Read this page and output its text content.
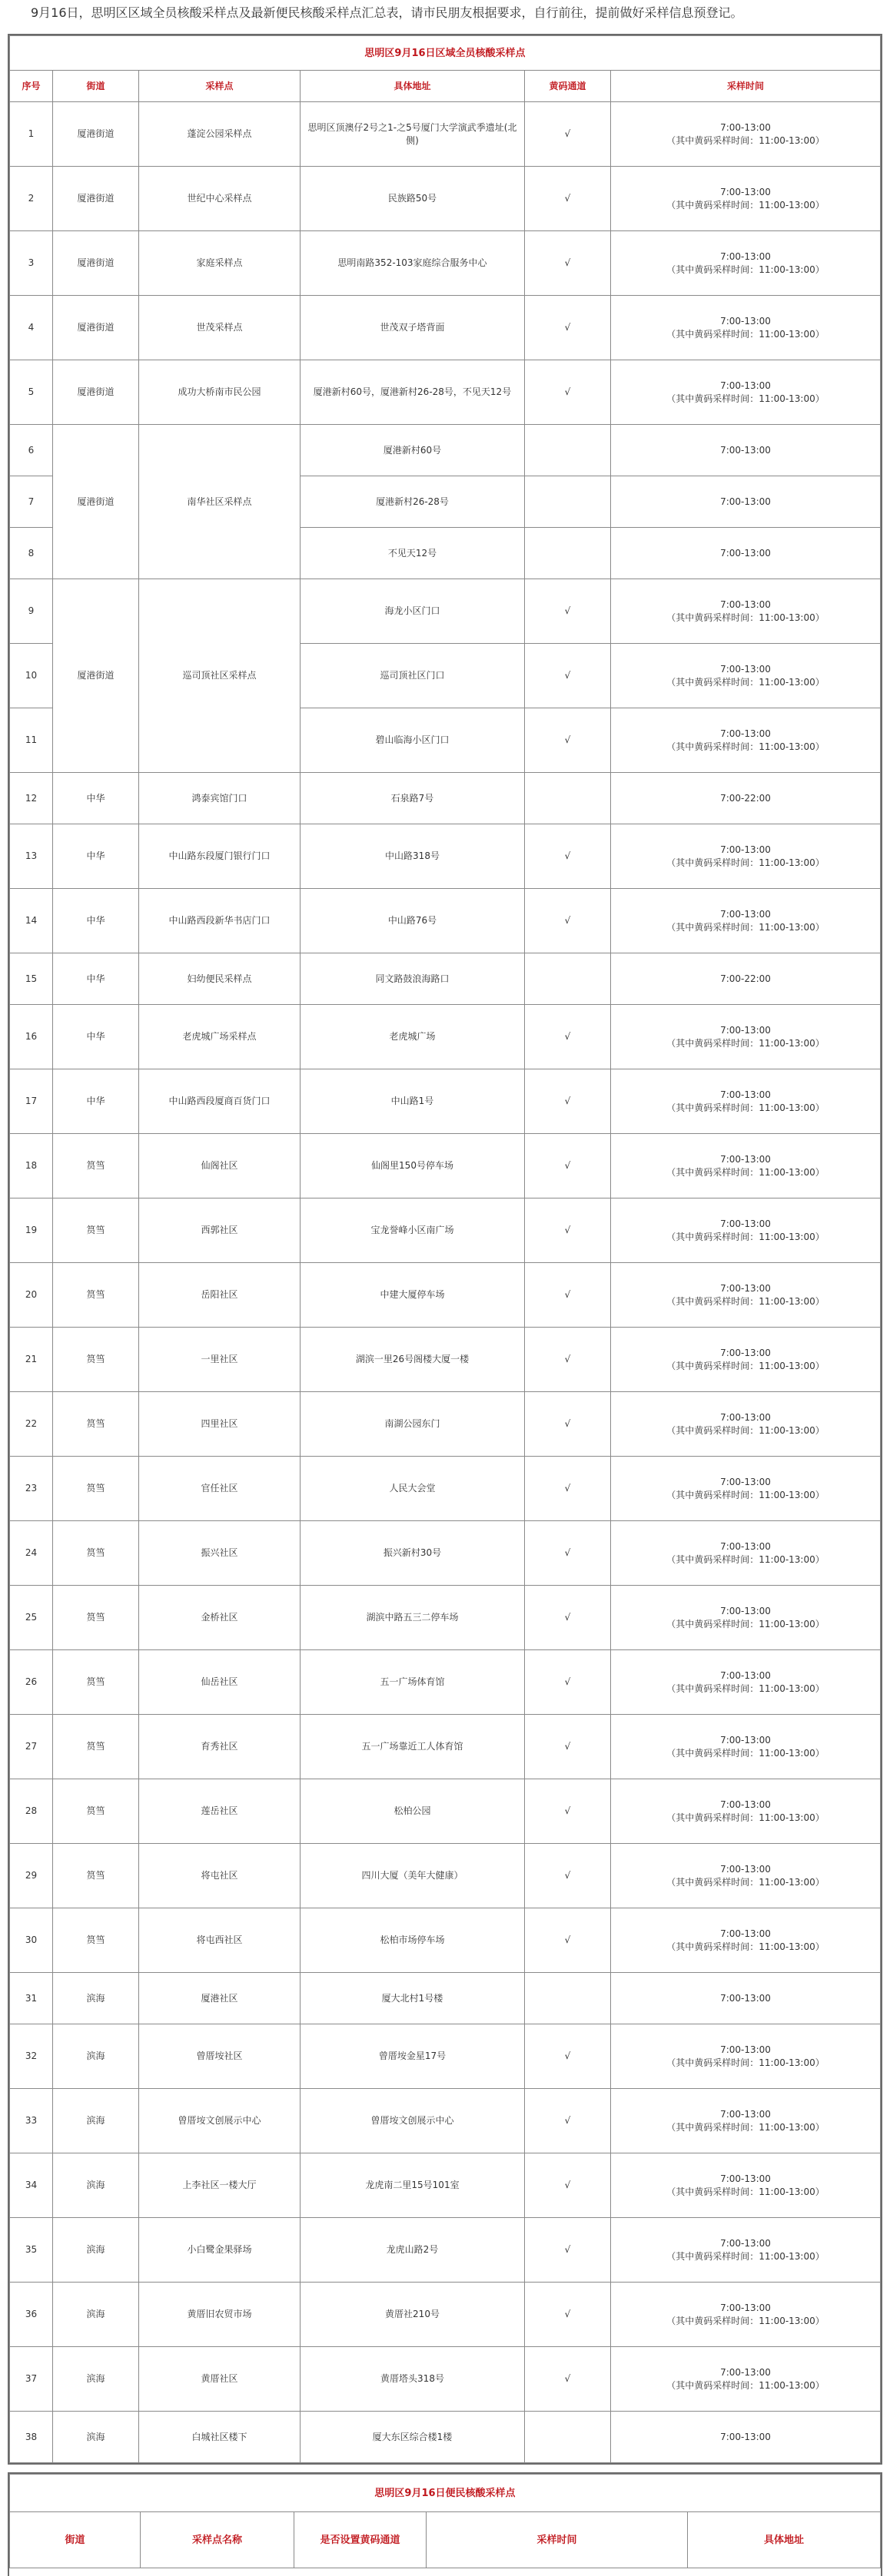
9月16日，思明区区域全员核酸采样点及最新便民核酸采样点汇总表，请市民朋友根据要求，自行前往，提前做好采样信息预登记。
思明区9月16日区域全员核酸采样点					
序号	街道	采样点	具体地址	黄码通道	采样时间
1	厦港街道	蓬淀公园采样点	思明区顶澳仔2号之1-之5号厦门大学演武季遗址(北侧)	√	7:00-13:00
（其中黄码采样时间：11:00-13:00）

2	厦港街道	世纪中心采样点	民族路50号	√	7:00-13:00
（其中黄码采样时间：11:00-13:00）

3	厦港街道	家庭采样点	思明南路352-103家庭综合服务中心	√	7:00-13:00
（其中黄码采样时间：11:00-13:00）

4	厦港街道	世茂采样点	世茂双子塔背面	√	7:00-13:00
（其中黄码采样时间：11:00-13:00）

5	厦港街道	成功大桥南市民公园	厦港新村60号，厦港新村26-28号，不见天12号	√	7:00-13:00
（其中黄码采样时间：11:00-13:00）

6	厦港街道	南华社区采样点	厦港新村60号		7:00-13:00

7			厦港新村26-28号		7:00-13:00

8			不见天12号		7:00-13:00

9	厦港街道	巡司顶社区采样点	海龙小区门口	√	7:00-13:00
（其中黄码采样时间：11:00-13:00）

10			巡司顶社区门口	√	7:00-13:00
（其中黄码采样时间：11:00-13:00）

11			碧山临海小区门口	√	7:00-13:00
（其中黄码采样时间：11:00-13:00）

12	中华	鸿泰宾馆门口	石泉路7号		7:00-22:00

13	中华	中山路东段厦门银行门口	中山路318号	√	7:00-13:00
（其中黄码采样时间：11:00-13:00）

14	中华	中山路西段新华书店门口	中山路76号	√	7:00-13:00
（其中黄码采样时间：11:00-13:00）

15	中华	妇幼便民采样点	同文路鼓浪海路口		7:00-22:00

16	中华	老虎城广场采样点	老虎城广场	√	7:00-13:00
（其中黄码采样时间：11:00-13:00）

17	中华	中山路西段厦商百货门口	中山路1号	√	7:00-13:00
（其中黄码采样时间：11:00-13:00）

18	筼筜	仙阁社区	仙阁里150号停车场	√	7:00-13:00
（其中黄码采样时间：11:00-13:00）

19	筼筜	西郭社区	宝龙誉峰小区南广场	√	7:00-13:00
（其中黄码采样时间：11:00-13:00）

20	筼筜	岳阳社区	中建大厦停车场	√	7:00-13:00
（其中黄码采样时间：11:00-13:00）

21	筼筜	一里社区	湖滨一里26号阁楼大厦一楼	√	7:00-13:00
（其中黄码采样时间：11:00-13:00）

22	筼筜	四里社区	南湖公园东门	√	7:00-13:00
（其中黄码采样时间：11:00-13:00）

23	筼筜	官任社区	人民大会堂	√	7:00-13:00
（其中黄码采样时间：11:00-13:00）

24	筼筜	振兴社区	振兴新村30号	√	7:00-13:00
（其中黄码采样时间：11:00-13:00）

25	筼筜	金桥社区	湖滨中路五三二停车场	√	7:00-13:00
（其中黄码采样时间：11:00-13:00）

26	筼筜	仙岳社区	五一广场体育馆	√	7:00-13:00
（其中黄码采样时间：11:00-13:00）

27	筼筜	育秀社区	五一广场靠近工人体育馆	√	7:00-13:00
（其中黄码采样时间：11:00-13:00）

28	筼筜	莲岳社区	松柏公园	√	7:00-13:00
（其中黄码采样时间：11:00-13:00）

29	筼筜	将屯社区	四川大厦（美年大健康）	√	7:00-13:00
（其中黄码采样时间：11:00-13:00）

30	筼筜	将屯西社区	松柏市场停车场	√	7:00-13:00
（其中黄码采样时间：11:00-13:00）

31	滨海	厦港社区	厦大北村1号楼		7:00-13:00

32	滨海	曾厝垵社区	曾厝垵金星17号	√	7:00-13:00
（其中黄码采样时间：11:00-13:00）

33	滨海	曾厝垵文创展示中心	曾厝垵文创展示中心	√	7:00-13:00
（其中黄码采样时间：11:00-13:00）

34	滨海	上李社区一楼大厅	龙虎南二里15号101室	√	7:00-13:00
（其中黄码采样时间：11:00-13:00）

35	滨海	小白鹭金果驿场	龙虎山路2号	√	7:00-13:00
（其中黄码采样时间：11:00-13:00）

36	滨海	黄厝旧农贸市场	黄厝社210号	√	7:00-13:00
（其中黄码采样时间：11:00-13:00）

37	滨海	黄厝社区	黄厝塔头318号	√	7:00-13:00
（其中黄码采样时间：11:00-13:00）

38	滨海	白城社区楼下	厦大东区综合楼1楼		7:00-13:00
思明区9月16日便民核酸采样点
街道	采样点名称	是否设置黄码通道	采样时间	具体地址
